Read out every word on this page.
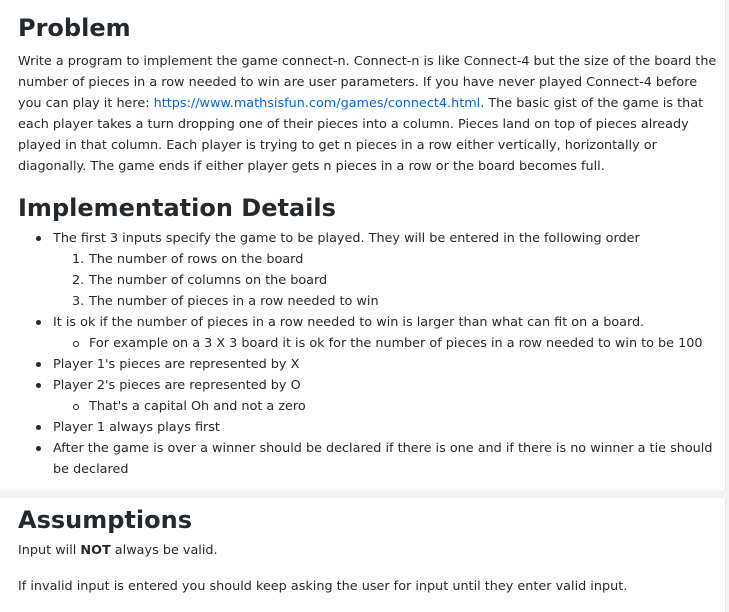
Problem
Write a program to implement the game connect-n. Connect-n is like Connect-4 but the size of the board the number of pieces in a row needed to win are user parameters. If you have never played Connect-4 before you can play it here: https://www.mathsisfun.com/games/connect4.html. The basic gist of the game is that each player takes a turn dropping one of their pieces into a column. Pieces land on top of pieces already played in that column. Each player is trying to get n pieces in a row either vertically, horizontally or diagonally. The game ends if either player gets n pieces in a row or the board becomes full.
Implementation Details
The first 3 inputs specify the game to be played. They will be entered in the following order
1. The number of rows on the board
2. The number of columns on the board
3. The number of pieces in a row needed to win
It is ok if the number of pieces in a row needed to win is larger than what can fit on a board.
For example on a 3 X 3 board it is ok for the number of pieces in a row needed to win to be 100
Player 1's pieces are represented by X
Player 2's pieces are represented by O
That's a capital Oh and not a zero
Player 1 always plays first
After the game is over a winner should be declared if there is one and if there is no winner a tie should
be declared
Assumptions
Input will NOT always be valid.
If invalid input is entered you should keep asking the user for input until they enter valid input.
